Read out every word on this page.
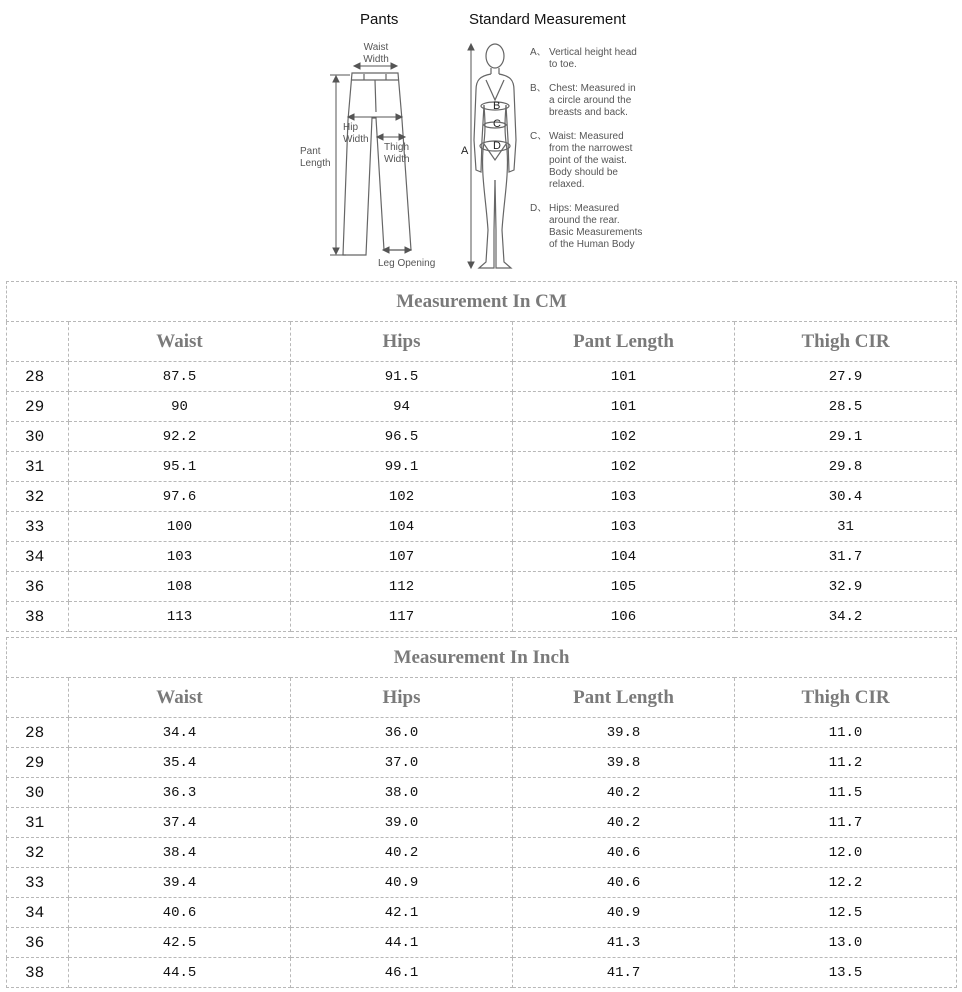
Pants	Standard Measurement
Waist
Width
Hip
Width
Pant
Length
Thigh
Width
Leg Opening
A
B
C
D
A、 Vertical height head
to toe.
B、 Chest: Measured in
a circle around the
breasts and back.
C、 Waist: Measured
from the narrowest
point of the waist.
Body should be
relaxed.
D、 Hips: Measured
around the rear.
Basic Measurements
of the Human Body
Measurement In CM				
	Waist	Hips	Pant Length	Thigh CIR
28	87.5	91.5	101	27.9
29	90	94	101	28.5
30	92.2	96.5	102	29.1
31	95.1	99.1	102	29.8
32	97.6	102	103	30.4
33	100	104	103	31
34	103	107	104	31.7
36	108	112	105	32.9
38	113	117	106	34.2
Measurement In Inch				
	Waist	Hips	Pant Length	Thigh CIR
28	34.4	36.0	39.8	11.0
29	35.4	37.0	39.8	11.2
30	36.3	38.0	40.2	11.5
31	37.4	39.0	40.2	11.7
32	38.4	40.2	40.6	12.0
33	39.4	40.9	40.6	12.2
34	40.6	42.1	40.9	12.5
36	42.5	44.1	41.3	13.0
38	44.5	46.1	41.7	13.5
